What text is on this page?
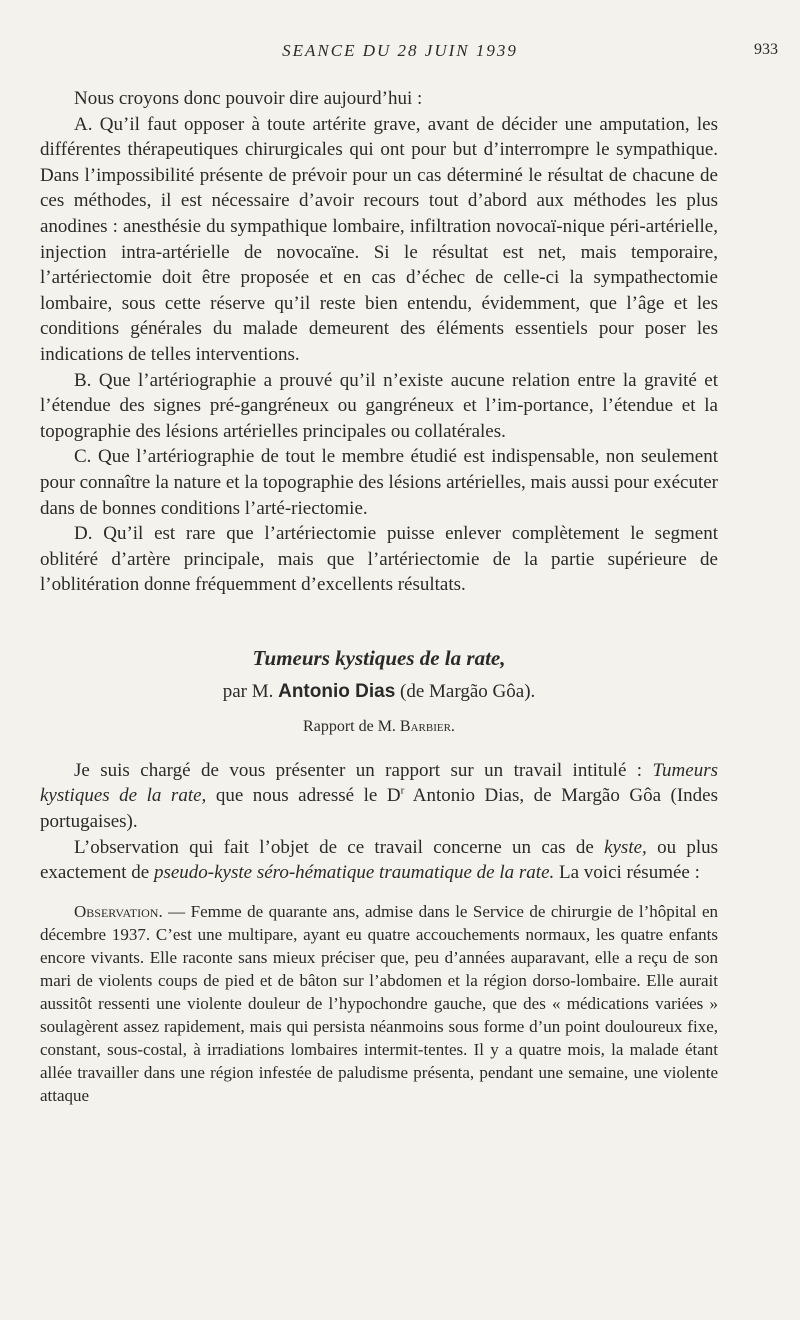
SEANCE DU 28 JUIN 1939	933

Nous croyons donc pouvoir dire aujourd’hui :

A. Qu’il faut opposer à toute artérite grave, avant de décider une amputation, les différentes thérapeutiques chirurgicales qui ont pour but d’interrompre le sympathique. Dans l’impossibilité présente de prévoir pour un cas déterminé le résultat de chacune de ces méthodes, il est nécessaire d’avoir recours tout d’abord aux méthodes les plus anodines : anesthésie du sympathique lombaire, infiltration novocaï-nique péri-artérielle, injection intra-artérielle de novocaïne. Si le résultat est net, mais temporaire, l’artériectomie doit être proposée et en cas d’échec de celle-ci la sympathectomie lombaire, sous cette réserve qu’il reste bien entendu, évidemment, que l’âge et les conditions générales du malade demeurent des éléments essentiels pour poser les indications de telles interventions.

B. Que l’artériographie a prouvé qu’il n’existe aucune relation entre la gravité et l’étendue des signes pré-gangréneux ou gangréneux et l’im-portance, l’étendue et la topographie des lésions artérielles principales ou collatérales.

C. Que l’artériographie de tout le membre étudié est indispensable, non seulement pour connaître la nature et la topographie des lésions artérielles, mais aussi pour exécuter dans de bonnes conditions l’arté-riectomie.

D. Qu’il est rare que l’artériectomie puisse enlever complètement le segment oblitéré d’artère principale, mais que l’artériectomie de la partie supérieure de l’oblitération donne fréquemment d’excellents résultats.

Tumeurs kystiques de la rate,
par M. Antonio Dias (de Margão Gôa).
Rapport de M. Barbier.

Je suis chargé de vous présenter un rapport sur un travail intitulé : Tumeurs kystiques de la rate, que nous adressé le $D^r$ Antonio Dias, de Margão Gôa (Indes portugaises).

L’observation qui fait l’objet de ce travail concerne un cas de kyste, ou plus exactement de pseudo-kyste séro-hématique traumatique de la rate. La voici résumée :

Observation. — Femme de quarante ans, admise dans le Service de chirurgie de l’hôpital en décembre 1937. C’est une multipare, ayant eu quatre accouchements normaux, les quatre enfants encore vivants. Elle raconte sans mieux préciser que, peu d’années auparavant, elle a reçu de son mari de violents coups de pied et de bâton sur l’abdomen et la région dorso-lombaire. Elle aurait aussitôt ressenti une violente douleur de l’hypochondre gauche, que des « médications variées » soulagèrent assez rapidement, mais qui persista néanmoins sous forme d’un point douloureux fixe, constant, sous-costal, à irradiations lombaires intermit-tentes. Il y a quatre mois, la malade étant allée travailler dans une région infestée de paludisme présenta, pendant une semaine, une violente attaque
